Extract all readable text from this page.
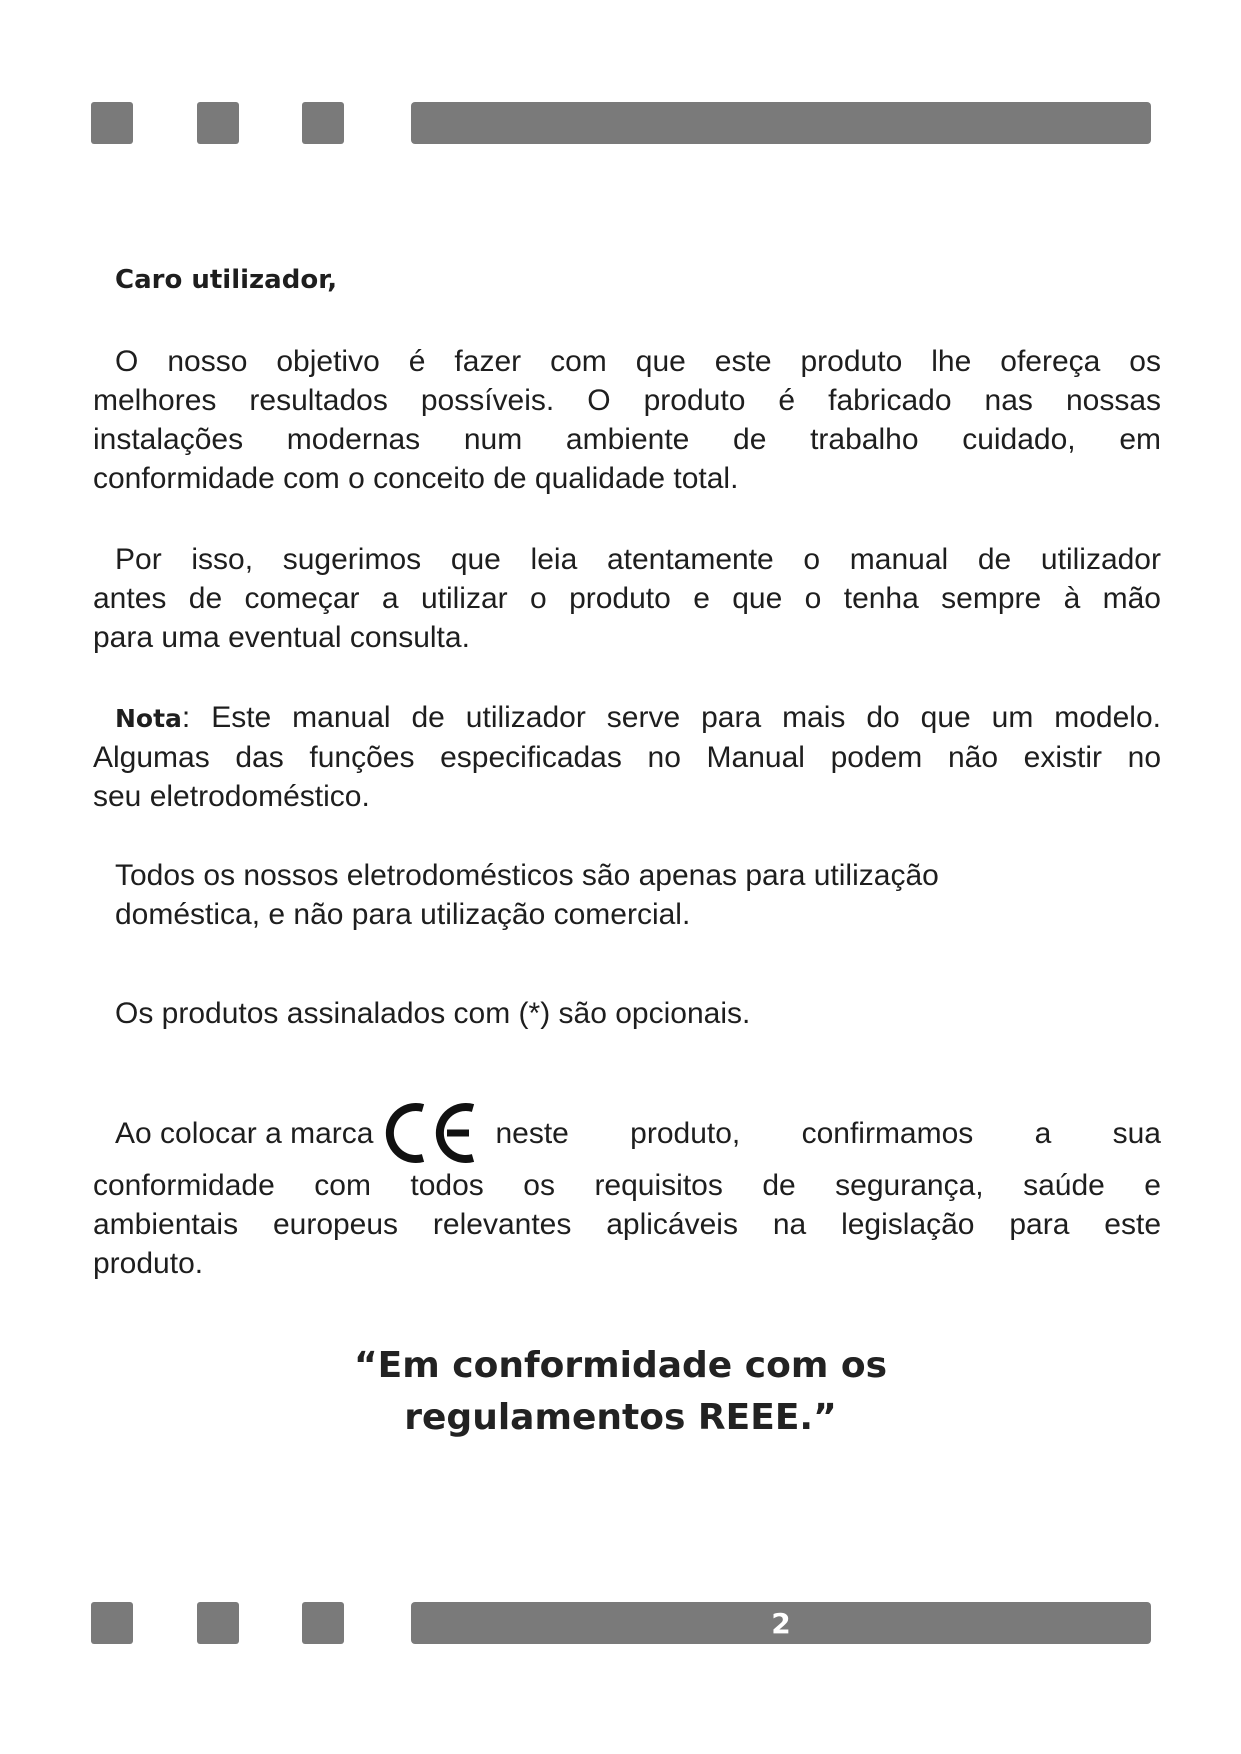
Caro utilizador,
O nosso objetivo é fazer com que este produto lhe ofereça os
melhores resultados possíveis. O produto é fabricado nas nossas
instalações modernas num ambiente de trabalho cuidado, em
conformidade com o conceito de qualidade total.
Por isso, sugerimos que leia atentamente o manual de utilizador
antes de começar a utilizar o produto e que o tenha sempre à mão
para uma eventual consulta.
Nota: Este manual de utilizador serve para mais do que um modelo.
Algumas das funções especificadas no Manual podem não existir no
seu eletrodoméstico.
Todos os nossos eletrodomésticos são apenas para utilização
doméstica, e não para utilização comercial.
Os produtos assinalados com (*) são opcionais.
Ao colocar a marca	neste produto, confirmamos a sua
conformidade com todos os requisitos de segurança, saúde e
ambientais europeus relevantes aplicáveis na legislação para este
produto.
“Em conformidade com os
regulamentos REEE.”
2
